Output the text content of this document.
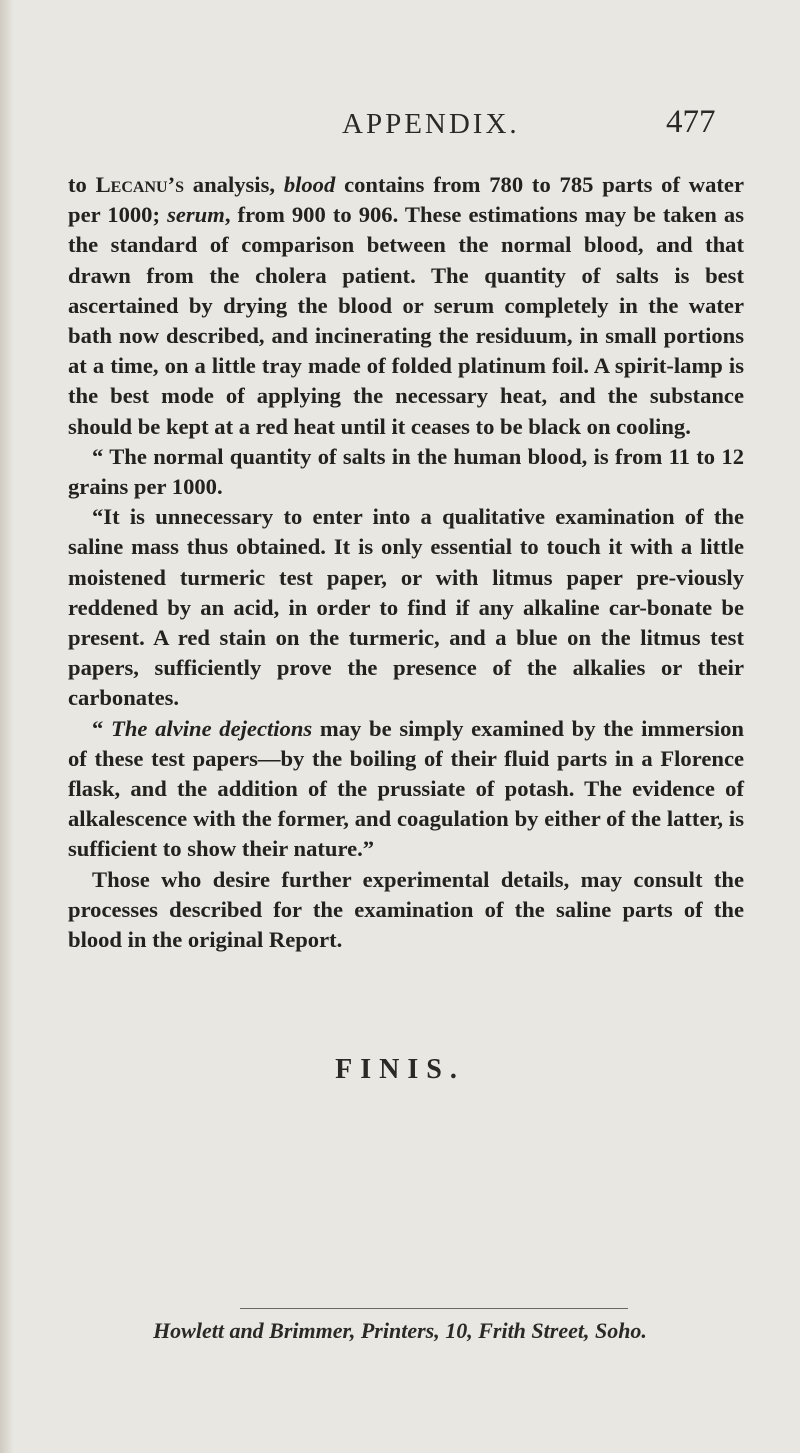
APPENDIX.	477

to Lecanu’s analysis, blood contains from 780 to 785 parts of water per 1000; serum, from 900 to 906. These estimations may be taken as the standard of comparison between the normal blood, and that drawn from the cholera patient. The quantity of salts is best ascertained by drying the blood or serum completely in the water bath now described, and incinerating the residuum, in small portions at a time, on a little tray made of folded platinum foil. A spirit-lamp is the best mode of applying the necessary heat, and the substance should be kept at a red heat until it ceases to be black on cooling.

“ The normal quantity of salts in the human blood, is from 11 to 12 grains per 1000.

“It is unnecessary to enter into a qualitative examination of the saline mass thus obtained. It is only essential to touch it with a little moistened turmeric test paper, or with litmus paper pre-viously reddened by an acid, in order to find if any alkaline car-bonate be present. A red stain on the turmeric, and a blue on the litmus test papers, sufficiently prove the presence of the alkalies or their carbonates.

“ The alvine dejections may be simply examined by the immersion of these test papers—by the boiling of their fluid parts in a Florence flask, and the addition of the prussiate of potash. The evidence of alkalescence with the former, and coagulation by either of the latter, is sufficient to show their nature.”

Those who desire further experimental details, may consult the processes described for the examination of the saline parts of the blood in the original Report.

FINIS.
Howlett and Brimmer, Printers, 10, Frith Street, Soho.
